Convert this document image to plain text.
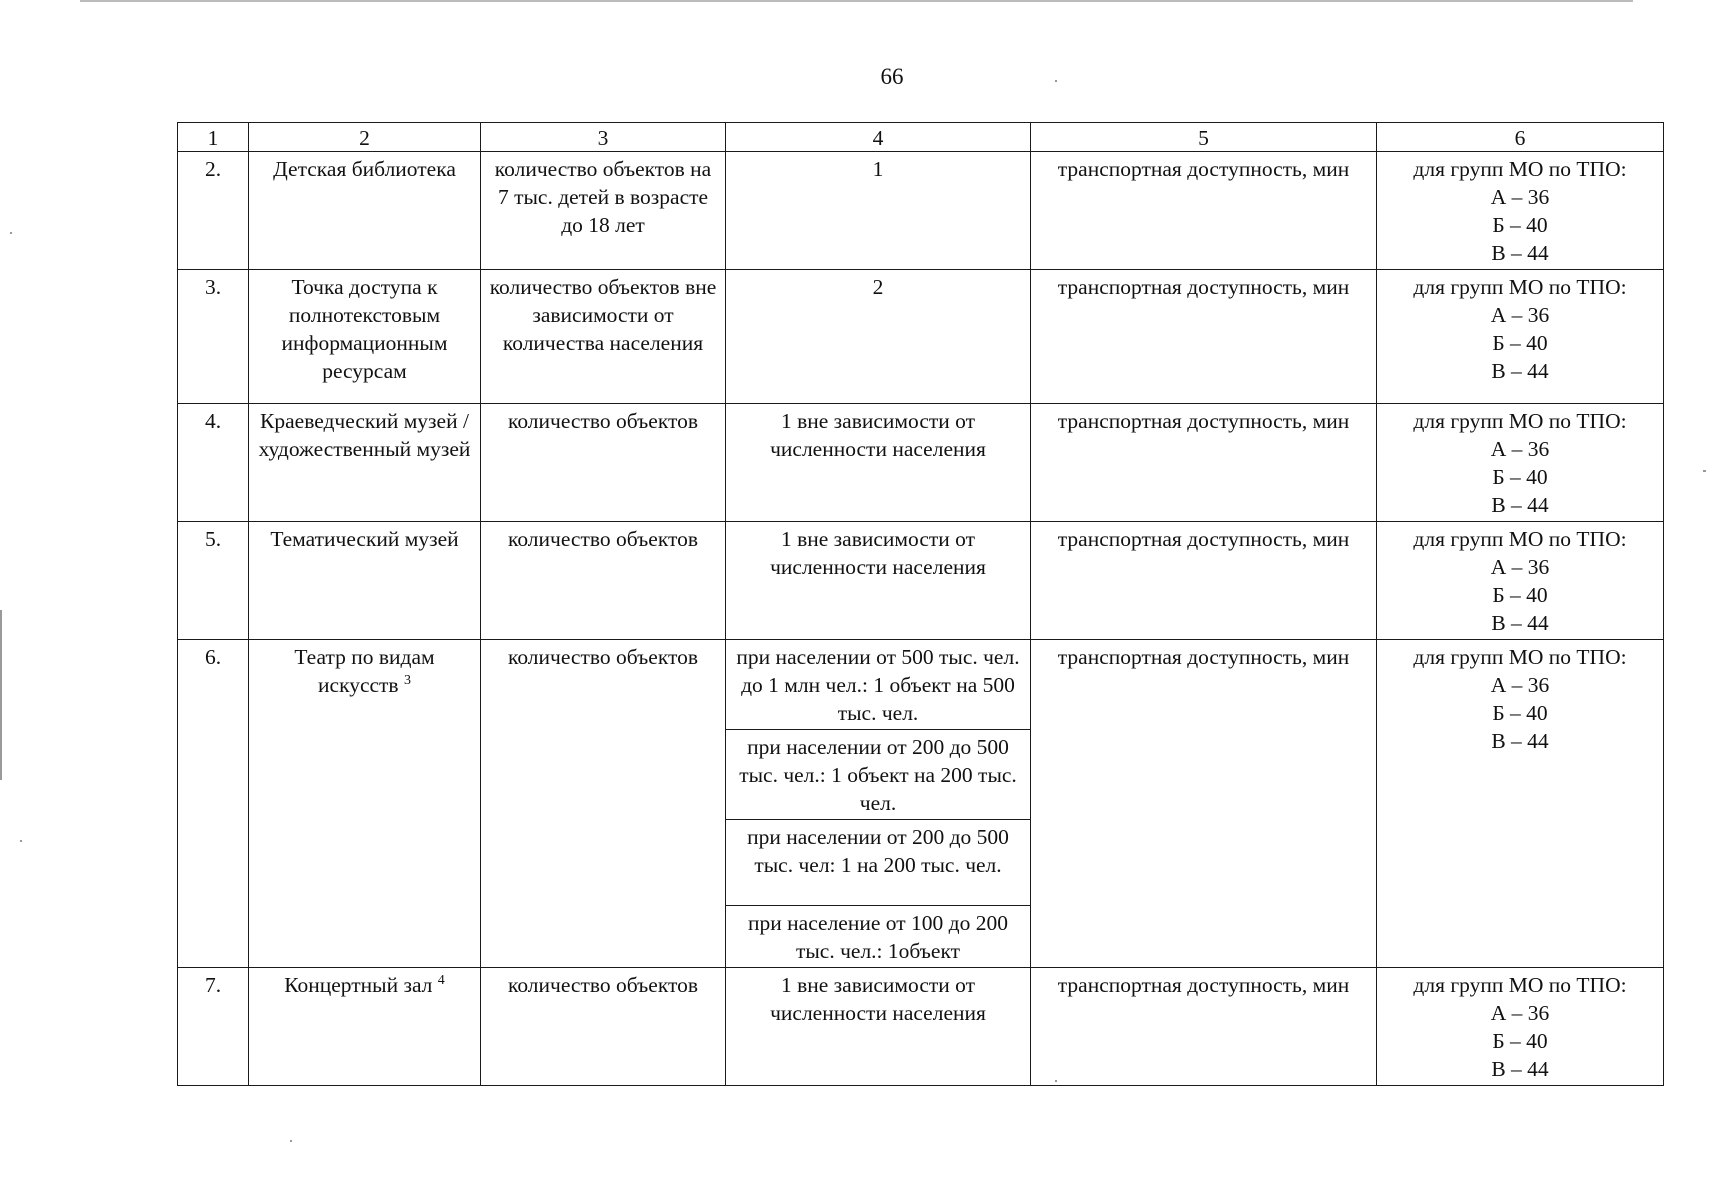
66
1	2	3	4	5	6
2.	Детская библиотека	количество объектов на 7 тыс. детей в возрасте до 18 лет	1	транспортная доступность, мин	для групп МО по ТПО:
А – 36
Б – 40
В – 44

3.	Точка доступа к полнотекстовым информационным ресурсам	количество объектов вне зависимости от количества населения	2	транспортная доступность, мин	для групп МО по ТПО:
А – 36
Б – 40
В – 44

4.	Краеведческий музей / художественный музей	количество объектов	1 вне зависимости от численности населения	транспортная доступность, мин	для групп МО по ТПО:
А – 36
Б – 40
В – 44

5.	Тематический музей	количество объектов	1 вне зависимости от численности населения	транспортная доступность, мин	для групп МО по ТПО:
А – 36
Б – 40
В – 44

6.	Театр по видам искусств $^3$	количество объектов	при населении от 500 тыс. чел. до 1 млн чел.: 1 объект на 500 тыс. чел.	транспортная доступность, мин	для групп МО по ТПО:
А – 36
Б – 40
В – 44

			при населении от 200 до 500 тыс. чел.: 1 объект на 200 тыс. чел.		
			при населении от 200 до 500 тыс. чел: 1 на 200 тыс. чел.		
			при население от 100 до 200 тыс. чел.: 1объект		
7.	Концертный зал $^4$	количество объектов	1 вне зависимости от численности населения	транспортная доступность, мин	для групп МО по ТПО:
А – 36
Б – 40
В – 44
